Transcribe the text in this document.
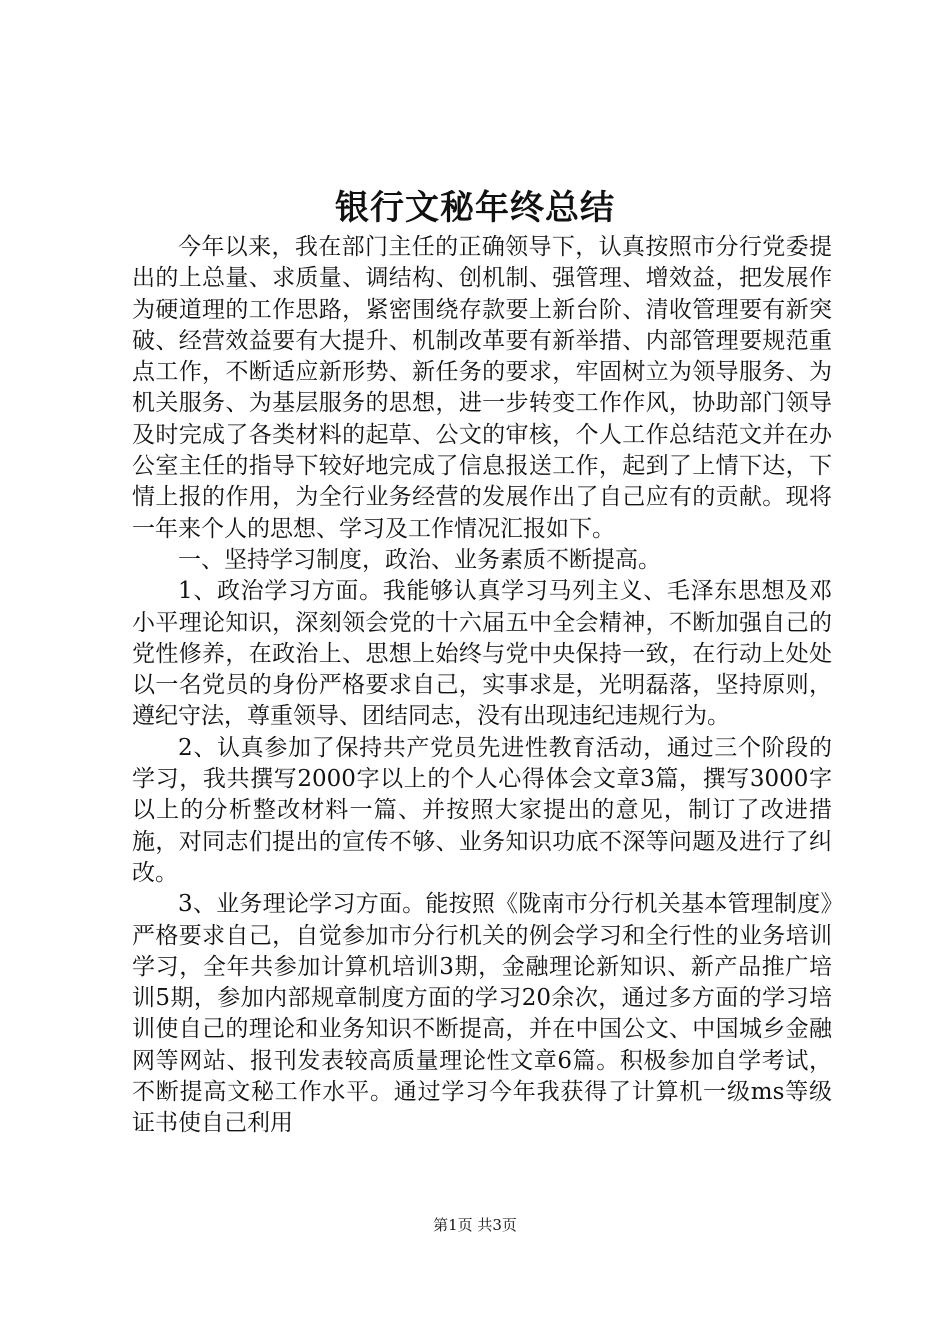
银行文秘年终总结

今年以来，我在部门主任的正确领导下，认真按照市分行党委提出的上总量、求质量、调结构、创机制、强管理、增效益，把发展作为硬道理的工作思路，紧密围绕存款要上新台阶、清收管理要有新突破、经营效益要有大提升、机制改革要有新举措、内部管理要规范重点工作，不断适应新形势、新任务的要求，牢固树立为领导服务、为机关服务、为基层服务的思想，进一步转变工作作风，协助部门领导及时完成了各类材料的起草、公文的审核，个人工作总结范文并在办公室主任的指导下较好地完成了信息报送工作，起到了上情下达，下情上报的作用，为全行业务经营的发展作出了自己应有的贡献。现将一年来个人的思想、学习及工作情况汇报如下。

一、坚持学习制度，政治、业务素质不断提高。

1、政治学习方面。我能够认真学习马列主义、毛泽东思想及邓小平理论知识，深刻领会党的十六届五中全会精神，不断加强自己的党性修养，在政治上、思想上始终与党中央保持一致，在行动上处处以一名党员的身份严格要求自己，实事求是，光明磊落，坚持原则，遵纪守法，尊重领导、团结同志，没有出现违纪违规行为。

2、认真参加了保持共产党员先进性教育活动，通过三个阶段的学习，我共撰写2000字以上的个人心得体会文章3篇，撰写3000字以上的分析整改材料一篇、并按照大家提出的意见，制订了改进措施，对同志们提出的宣传不够、业务知识功底不深等问题及进行了纠改。

3、业务理论学习方面。能按照《陇南市分行机关基本管理制度》严格要求自己，自觉参加市分行机关的例会学习和全行性的业务培训学习，全年共参加计算机培训3期，金融理论新知识、新产品推广培训5期，参加内部规章制度方面的学习20余次，通过多方面的学习培训使自己的理论和业务知识不断提高，并在中国公文、中国城乡金融网等网站、报刊发表较高质量理论性文章6篇。积极参加自学考试，不断提高文秘工作水平。通过学习今年我获得了计算机一级ms等级证书使自己利用

第1页 共3页
